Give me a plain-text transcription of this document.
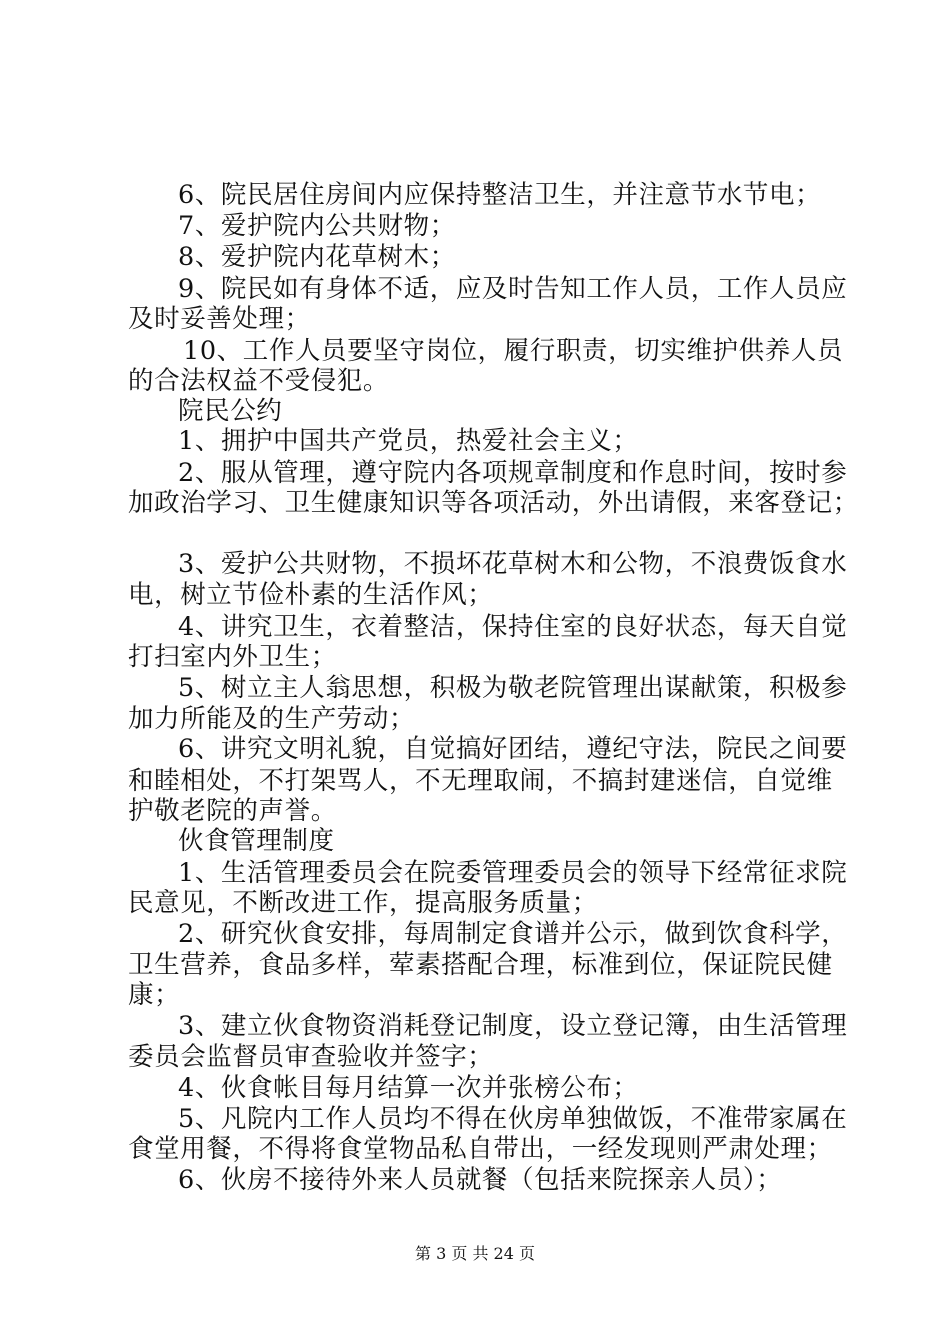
6、院民居住房间内应保持整洁卫生，并注意节水节电；
7、爱护院内公共财物；
8、爱护院内花草树木；
9、院民如有身体不适，应及时告知工作人员，工作人员应
及时妥善处理；
10、工作人员要坚守岗位，履行职责，切实维护供养人员
的合法权益不受侵犯。
院民公约
1、拥护中国共产党员，热爱社会主义；
2、服从管理，遵守院内各项规章制度和作息时间，按时参
加政治学习、卫生健康知识等各项活动，外出请假，来客登记；
3、爱护公共财物，不损坏花草树木和公物，不浪费饭食水
电，树立节俭朴素的生活作风；
4、讲究卫生，衣着整洁，保持住室的良好状态，每天自觉
打扫室内外卫生；
5、树立主人翁思想，积极为敬老院管理出谋献策，积极参
加力所能及的生产劳动；
6、讲究文明礼貌，自觉搞好团结，遵纪守法，院民之间要
和睦相处，不打架骂人，不无理取闹，不搞封建迷信，自觉维
护敬老院的声誉。
伙食管理制度
1、生活管理委员会在院委管理委员会的领导下经常征求院
民意见，不断改进工作，提高服务质量；
2、研究伙食安排，每周制定食谱并公示，做到饮食科学，
卫生营养，食品多样，荤素搭配合理，标准到位，保证院民健
康；
3、建立伙食物资消耗登记制度，设立登记簿，由生活管理
委员会监督员审查验收并签字；
4、伙食帐目每月结算一次并张榜公布；
5、凡院内工作人员均不得在伙房单独做饭，不准带家属在
食堂用餐，不得将食堂物品私自带出，一经发现则严肃处理；
6、伙房不接待外来人员就餐（包括来院探亲人员）；
第 3 页 共 24 页
